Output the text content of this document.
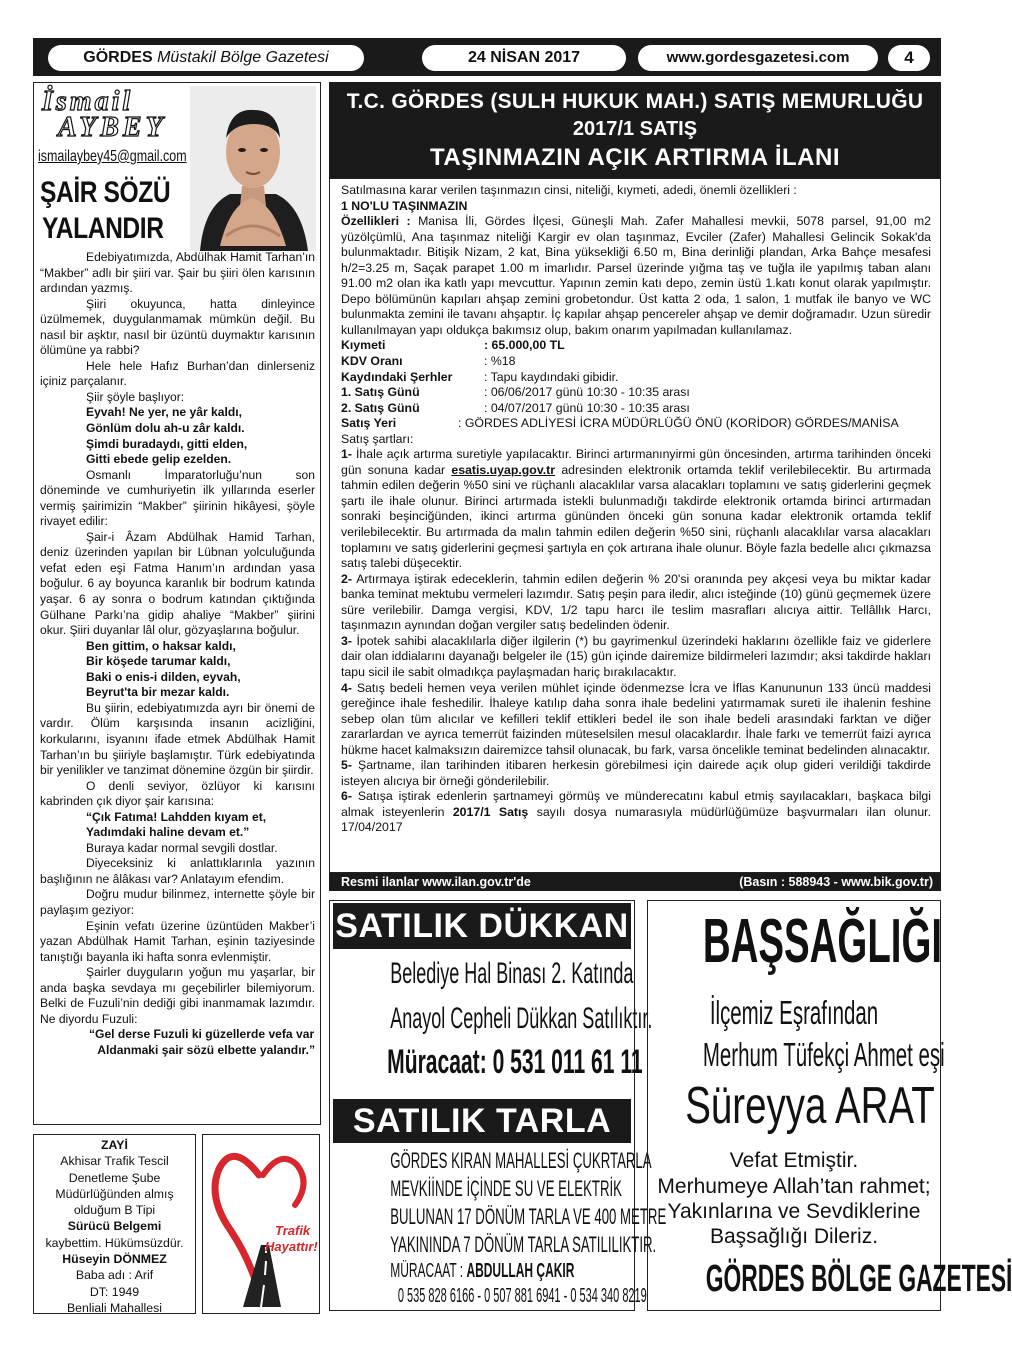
GÖRDES Müstakil Bölge Gazetesi	24 NİSAN 2017	www.gordesgazetesi.com	4
İsmail
AYBEY
ismailaybey45@gmail.com
ŞAİR SÖZÜ
YALANDIR

Edebiyatımızda, Abdülhak Hamit Tarhan’ın “Makber” adlı bir şiiri var. Şair bu şiiri ölen karısının ardından yazmış.

Şiiri okuyunca, hatta dinleyince üzülmemek, duygulanmamak mümkün değil. Bu nasıl bir aşktır, nasıl bir üzüntü duymaktır karısının ölümüne ya rabbi?

Hele hele Hafız Burhan’dan dinlerseniz içiniz parçalanır.

Şiir şöyle başlıyor:

Eyvah! Ne yer, ne yâr kaldı,

Gönlüm dolu ah-u zâr kaldı.

Şimdi buradaydı, gitti elden,

Gitti ebede gelip ezelden.

Osmanlı İmparatorluğu’nun son döneminde ve cumhuriyetin ilk yıllarında eserler vermiş şairimizin “Makber” şiirinin hikâyesi, şöyle rivayet edilir:

Şair-i Âzam Abdülhak Hamid Tarhan, deniz üzerinden yapılan bir Lübnan yolculuğunda vefat eden eşi Fatma Hanım’ın ardından yasa boğulur. 6 ay boyunca karanlık bir bodrum katında yaşar. 6 ay sonra o bodrum katından çıktığında Gülhane Parkı’na gidip ahaliye “Makber” şiirini okur. Şiiri duyanlar lâl olur, gözyaşlarına boğulur.

Ben gittim, o haksar kaldı,

Bir köşede tarumar kaldı,

Baki o enis-i dilden, eyvah,

Beyrut'ta bir mezar kaldı.

Bu şiirin, edebiyatımızda ayrı bir önemi de vardır. Ölüm karşısında insanın acizliğini, korkularını, isyanını ifade etmek Abdülhak Hamit Tarhan’ın bu şiiriyle başlamıştır. Türk edebiyatında bir yenilikler ve tanzimat dönemine özgün bir şiirdir.

O denli seviyor, özlüyor ki karısını kabrinden çık diyor şair karısına:

“Çık Fatıma! Lahdden kıyam et,

Yadımdaki haline devam et.”

Buraya kadar normal sevgili dostlar.

Diyeceksiniz ki anlattıklarınla yazının başlığının ne âlâkası var? Anlatayım efendim.

Doğru mudur bilinmez, internette şöyle bir paylaşım geziyor:

Eşinin vefatı üzerine üzüntüden Makber’i yazan Abdülhak Hamit Tarhan, eşinin taziyesinde tanıştığı bayanla iki hafta sonra evlenmiştir.

Şairler duyguların yoğun mu yaşarlar, bir anda başka sevdaya mı geçebilirler bilemiyorum. Belki de Fuzuli’nin dediği gibi inanmamak lazımdır. Ne diyordu Fuzuli:

“Gel derse Fuzuli ki güzellerde vefa var

Aldanmaki şair sözü elbette yalandır.”

ZAYİ
Akhisar Trafik Tescil
Denetleme Şube
Müdürlüğünden almış
olduğum B Tipi
Sürücü Belgemi
kaybettim. Hükümsüzdür.
Hüseyin DÖNMEZ
Baba adı : Arif
DT: 1949
Benliali Mahallesi
Trafik
Hayattır!
T.C. GÖRDES (SULH HUKUK MAH.) SATIŞ MEMURLUĞU
2017/1 SATIŞ
TAŞINMAZIN AÇIK ARTIRMA İLANI

Satılmasına karar verilen taşınmazın cinsi, niteliği, kıymeti, adedi, önemli özellikleri :

1 NO'LU TAŞINMAZIN

Özellikleri : Manisa İli, Gördes İlçesi, Güneşli Mah. Zafer Mahallesi mevkii, 5078 parsel, 91,00 m2 yüzölçümlü, Ana taşınmaz niteliği Kargir ev olan taşınmaz, Evciler (Zafer) Mahallesi Gelincik Sokak'da bulunmaktadır. Bitişik Nizam, 2 kat, Bina yüksekliği 6.50 m, Bina derinliği plandan, Arka Bahçe mesafesi h/2=3.25 m, Saçak parapet 1.00 m imarlıdır. Parsel üzerinde yığma taş ve tuğla ile yapılmış taban alanı 91.00 m2 olan ika katlı yapı mevcuttur. Yapının zemin katı depo, zemin üstü 1.katı konut olarak yapılmıştır. Depo bölümünün kapıları ahşap zemini grobetondur. Üst katta 2 oda, 1 salon, 1 mutfak ile banyo ve WC bulunmakta zemini ile tavanı ahşaptır. İç kapılar ahşap pencereler ahşap ve demir doğramadır. Uzun süredir kullanılmayan yapı oldukça bakımsız olup, bakım onarım yapılmadan kullanılamaz.

Kıymeti	: 65.000,00 TL
KDV Oranı	: %18
Kaydındaki Şerhler	: Tapu kaydındaki gibidir.
1. Satış Günü	: 06/06/2017 günü 10:30 - 10:35 arası
2. Satış Günü	: 04/07/2017 günü 10:30 - 10:35 arası
Satış Yeri	: GÖRDES ADLİYESİ İCRA MÜDÜRLÜĞÜ ÖNÜ (KORİDOR) GÖRDES/MANİSA

Satış şartları:

1- İhale açık artırma suretiyle yapılacaktır. Birinci artırmanınyirmi gün öncesinden, artırma tarihinden önceki gün sonuna kadar esatis.uyap.gov.tr adresinden elektronik ortamda teklif verilebilecektir. Bu artırmada tahmin edilen değerin %50 sini ve rüçhanlı alacaklılar varsa alacakları toplamını ve satış giderlerini geçmek şartı ile ihale olunur. Birinci artırmada istekli bulunmadığı takdirde elektronik ortamda birinci artırmadan sonraki beşinciğünden, ikinci artırma gününden önceki gün sonuna kadar elektronik ortamda teklif verilebilecektir. Bu artırmada da malın tahmin edilen değerin %50 sini, rüçhanlı alacaklılar varsa alacakları toplamını ve satış giderlerini geçmesi şartıyla en çok artırana ihale olunur. Böyle fazla bedelle alıcı çıkmazsa satış talebi düşecektir.

2- Artırmaya iştirak edeceklerin, tahmin edilen değerin % 20'si oranında pey akçesi veya bu miktar kadar banka teminat mektubu vermeleri lazımdır. Satış peşin para iledir, alıcı isteğinde (10) günü geçmemek üzere süre verilebilir. Damga vergisi, KDV, 1/2 tapu harcı ile teslim masrafları alıcıya aittir. Tellâllık Harcı, taşınmazın aynından doğan vergiler satış bedelinden ödenir.

3- İpotek sahibi alacaklılarla diğer ilgilerin (*) bu gayrimenkul üzerindeki haklarını özellikle faiz ve giderlere dair olan iddialarını dayanağı belgeler ile (15) gün içinde dairemize bildirmeleri lazımdır; aksi takdirde hakları tapu sicil ile sabit olmadıkça paylaşmadan hariç bırakılacaktır.

4- Satış bedeli hemen veya verilen mühlet içinde ödenmezse İcra ve İflas Kanununun 133 üncü maddesi gereğince ihale feshedilir. İhaleye katılıp daha sonra ihale bedelini yatırmamak sureti ile ihalenin feshine sebep olan tüm alıcılar ve kefilleri teklif ettikleri bedel ile son ihale bedeli arasındaki farktan ve diğer zararlardan ve ayrıca temerrüt faizinden müteselsilen mesul olacaklardır. İhale farkı ve temerrüt faizi ayrıca hükme hacet kalmaksızın dairemizce tahsil olunacak, bu fark, varsa öncelikle teminat bedelinden alınacaktır.

5- Şartname, ilan tarihinden itibaren herkesin görebilmesi için dairede açık olup gideri verildiği takdirde isteyen alıcıya bir örneği gönderilebilir.

6- Satışa iştirak edenlerin şartnameyi görmüş ve münderecatını kabul etmiş sayılacakları, başkaca bilgi almak isteyenlerin 2017/1 Satış sayılı dosya numarasıyla müdürlüğümüze başvurmaları ilan olunur. 17/04/2017

Resmi ilanlar www.ilan.gov.tr'de	(Basın : 588943 - www.bik.gov.tr)
SATILIK DÜKKAN
Belediye Hal Binası 2. Katında
Anayol Cepheli Dükkan Satılıktır.
Müracaat: 0 531 011 61 11
SATILIK TARLA
GÖRDES KIRAN MAHALLESİ ÇUKRTARLA
MEVKİİNDE İÇİNDE SU VE ELEKTRİK
BULUNAN 17 DÖNÜM TARLA VE 400 METRE
YAKININDA 7 DÖNÜM TARLA SATILILIKTIR.
MÜRACAAT : ABDULLAH ÇAKIR
0 535 828 6166 - 0 507 881 6941 - 0 534 340 8219
BAŞSAĞLIĞI
İlçemiz Eşrafından
Merhum Tüfekçi Ahmet eşi
Süreyya ARAT
Vefat Etmiştir.
Merhumeye Allah’tan rahmet;
Yakınlarına ve Sevdiklerine
Başsağlığı Dileriz.
GÖRDES BÖLGE GAZETESİ
